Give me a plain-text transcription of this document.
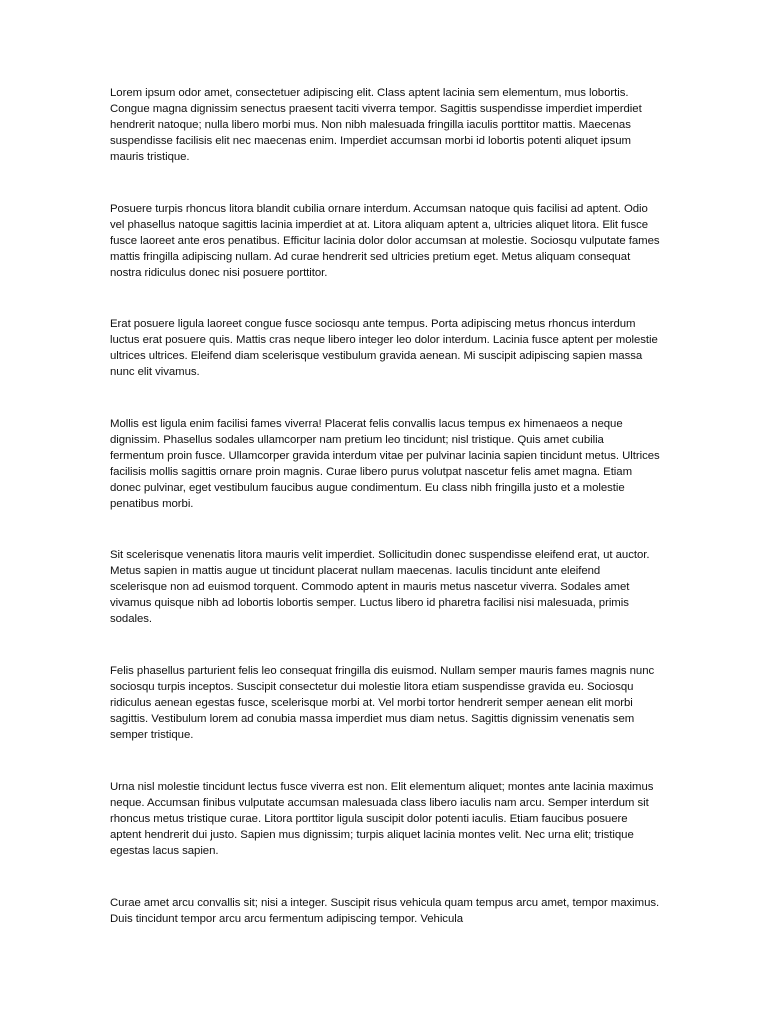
Lorem ipsum odor amet, consectetuer adipiscing elit. Class aptent lacinia sem elementum, mus lobortis. Congue magna dignissim senectus praesent taciti viverra tempor. Sagittis suspendisse imperdiet imperdiet hendrerit natoque; nulla libero morbi mus. Non nibh malesuada fringilla iaculis porttitor mattis. Maecenas suspendisse facilisis elit nec maecenas enim. Imperdiet accumsan morbi id lobortis potenti aliquet ipsum mauris tristique.

Posuere turpis rhoncus litora blandit cubilia ornare interdum. Accumsan natoque quis facilisi ad aptent. Odio vel phasellus natoque sagittis lacinia imperdiet at at. Litora aliquam aptent a, ultricies aliquet litora. Elit fusce fusce laoreet ante eros penatibus. Efficitur lacinia dolor dolor accumsan at molestie. Sociosqu vulputate fames mattis fringilla adipiscing nullam. Ad curae hendrerit sed ultricies pretium eget. Metus aliquam consequat nostra ridiculus donec nisi posuere porttitor.

Erat posuere ligula laoreet congue fusce sociosqu ante tempus. Porta adipiscing metus rhoncus interdum luctus erat posuere quis. Mattis cras neque libero integer leo dolor interdum. Lacinia fusce aptent per molestie ultrices ultrices. Eleifend diam scelerisque vestibulum gravida aenean. Mi suscipit adipiscing sapien massa nunc elit vivamus.

Mollis est ligula enim facilisi fames viverra! Placerat felis convallis lacus tempus ex himenaeos a neque dignissim. Phasellus sodales ullamcorper nam pretium leo tincidunt; nisl tristique. Quis amet cubilia fermentum proin fusce. Ullamcorper gravida interdum vitae per pulvinar lacinia sapien tincidunt metus. Ultrices facilisis mollis sagittis ornare proin magnis. Curae libero purus volutpat nascetur felis amet magna. Etiam donec pulvinar, eget vestibulum faucibus augue condimentum. Eu class nibh fringilla justo et a molestie penatibus morbi.

Sit scelerisque venenatis litora mauris velit imperdiet. Sollicitudin donec suspendisse eleifend erat, ut auctor. Metus sapien in mattis augue ut tincidunt placerat nullam maecenas. Iaculis tincidunt ante eleifend scelerisque non ad euismod torquent. Commodo aptent in mauris metus nascetur viverra. Sodales amet vivamus quisque nibh ad lobortis lobortis semper. Luctus libero id pharetra facilisi nisi malesuada, primis sodales.

Felis phasellus parturient felis leo consequat fringilla dis euismod. Nullam semper mauris fames magnis nunc sociosqu turpis inceptos. Suscipit consectetur dui molestie litora etiam suspendisse gravida eu. Sociosqu ridiculus aenean egestas fusce, scelerisque morbi at. Vel morbi tortor hendrerit semper aenean elit morbi sagittis. Vestibulum lorem ad conubia massa imperdiet mus diam netus. Sagittis dignissim venenatis sem semper tristique.

Urna nisl molestie tincidunt lectus fusce viverra est non. Elit elementum aliquet; montes ante lacinia maximus neque. Accumsan finibus vulputate accumsan malesuada class libero iaculis nam arcu. Semper interdum sit rhoncus metus tristique curae. Litora porttitor ligula suscipit dolor potenti iaculis. Etiam faucibus posuere aptent hendrerit dui justo. Sapien mus dignissim; turpis aliquet lacinia montes velit. Nec urna elit; tristique egestas lacus sapien.

Curae amet arcu convallis sit; nisi a integer. Suscipit risus vehicula quam tempus arcu amet, tempor maximus. Duis tincidunt tempor arcu arcu fermentum adipiscing tempor. Vehicula
